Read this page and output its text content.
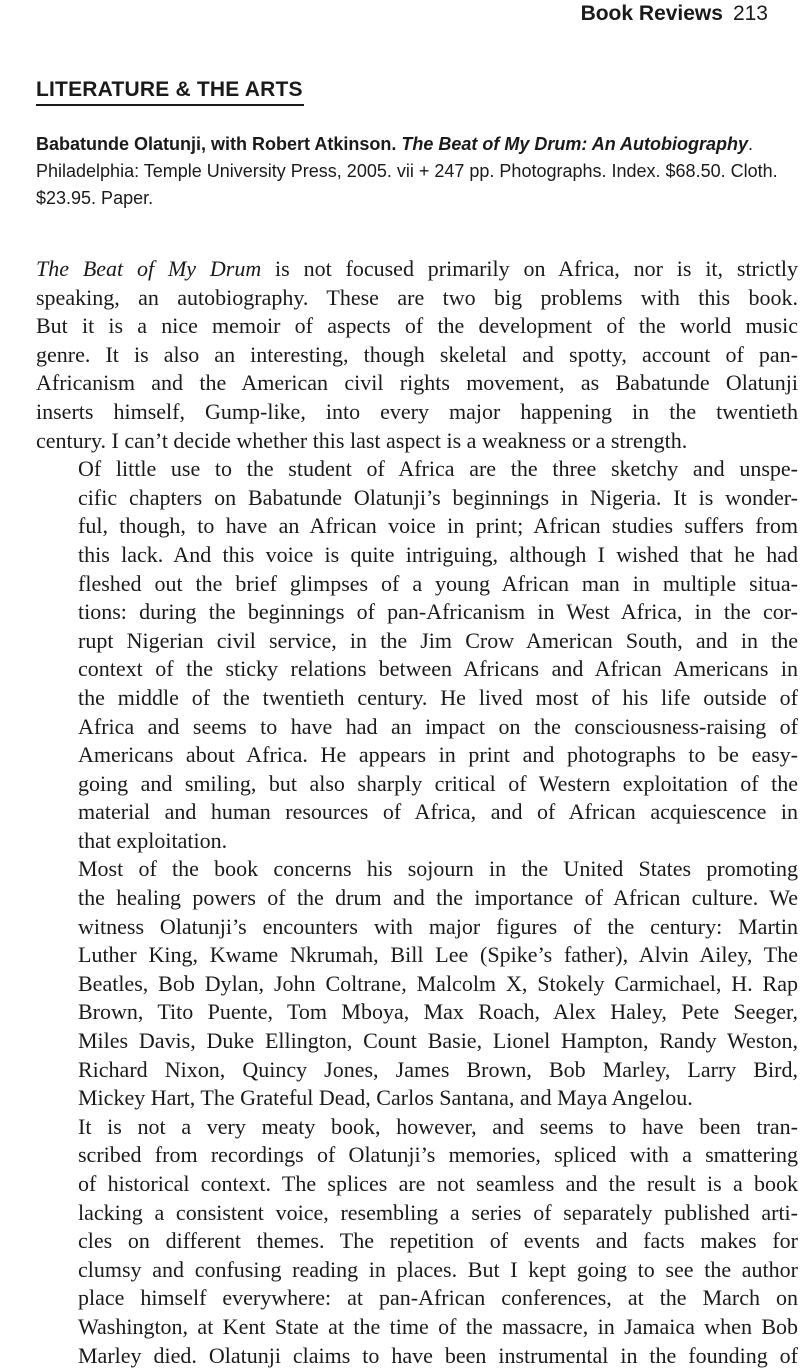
Book Reviews 213
LITERATURE & THE ARTS
Babatunde Olatunji, with Robert Atkinson. The Beat of My Drum: An Autobiography. Philadelphia: Temple University Press, 2005. vii + 247 pp. Photographs. Index. $68.50. Cloth. $23.95. Paper.
The Beat of My Drum is not focused primarily on Africa, nor is it, strictly
speaking, an autobiography. These are two big problems with this book.
But it is a nice memoir of aspects of the development of the world music
genre. It is also an interesting, though skeletal and spotty, account of pan-
Africanism and the American civil rights movement, as Babatunde Olatunji
inserts himself, Gump-like, into every major happening in the twentieth
century. I can’t decide whether this last aspect is a weakness or a strength.
Of little use to the student of Africa are the three sketchy and unspe-
cific chapters on Babatunde Olatunji’s beginnings in Nigeria. It is wonder-
ful, though, to have an African voice in print; African studies suffers from
this lack. And this voice is quite intriguing, although I wished that he had
fleshed out the brief glimpses of a young African man in multiple situa-
tions: during the beginnings of pan-Africanism in West Africa, in the cor-
rupt Nigerian civil service, in the Jim Crow American South, and in the
context of the sticky relations between Africans and African Americans in
the middle of the twentieth century. He lived most of his life outside of
Africa and seems to have had an impact on the consciousness-raising of
Americans about Africa. He appears in print and photographs to be easy-
going and smiling, but also sharply critical of Western exploitation of the
material and human resources of Africa, and of African acquiescence in
that exploitation.
Most of the book concerns his sojourn in the United States promoting
the healing powers of the drum and the importance of African culture. We
witness Olatunji’s encounters with major figures of the century: Martin
Luther King, Kwame Nkrumah, Bill Lee (Spike’s father), Alvin Ailey, The
Beatles, Bob Dylan, John Coltrane, Malcolm X, Stokely Carmichael, H. Rap
Brown, Tito Puente, Tom Mboya, Max Roach, Alex Haley, Pete Seeger,
Miles Davis, Duke Ellington, Count Basie, Lionel Hampton, Randy Weston,
Richard Nixon, Quincy Jones, James Brown, Bob Marley, Larry Bird,
Mickey Hart, The Grateful Dead, Carlos Santana, and Maya Angelou.
It is not a very meaty book, however, and seems to have been tran-
scribed from recordings of Olatunji’s memories, spliced with a smattering
of historical context. The splices are not seamless and the result is a book
lacking a consistent voice, resembling a series of separately published arti-
cles on different themes. The repetition of events and facts makes for
clumsy and confusing reading in places. But I kept going to see the author
place himself everywhere: at pan-African conferences, at the March on
Washington, at Kent State at the time of the massacre, in Jamaica when Bob
Marley died. Olatunji claims to have been instrumental in the founding of
